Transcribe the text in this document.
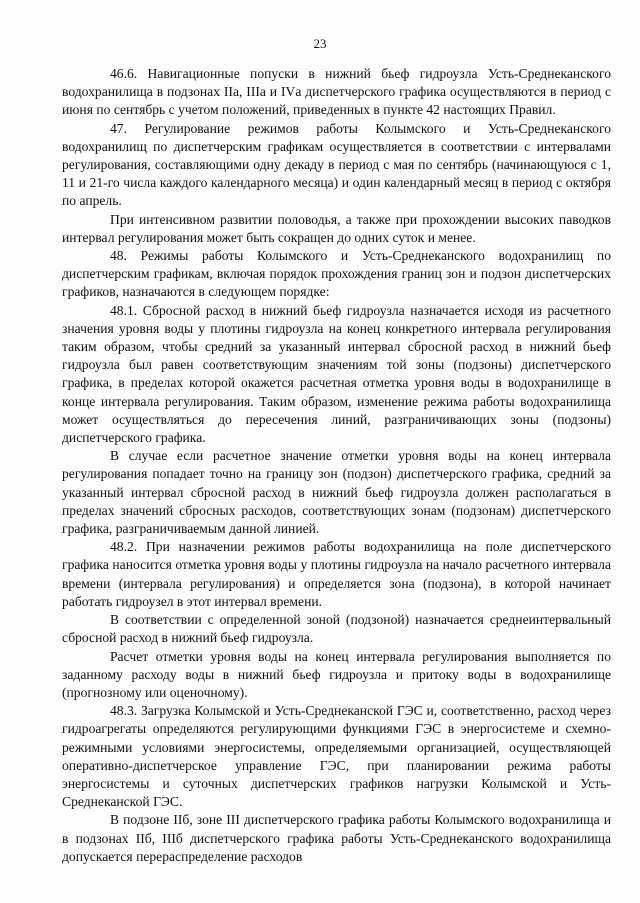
23

46.6. Навигационные попуски в нижний бьеф гидроузла Усть-Среднеканского водохранилища в подзонах IIа, IIIа и IVа диспетчерского графика осуществляются в период с июня по сентябрь с учетом положений, приведенных в пункте 42 настоящих Правил.

47. Регулирование режимов работы Колымского и Усть-Среднеканского водохранилищ по диспетчерским графикам осуществляется в соответствии с интервалами регулирования, составляющими одну декаду в период с мая по сентябрь (начинающуюся с 1, 11 и 21-го числа каждого календарного месяца) и один календарный месяц в период с октября по апрель.

При интенсивном развитии половодья, а также при прохождении высоких паводков интервал регулирования может быть сокращен до одних суток и менее.

48. Режимы работы Колымского и Усть-Среднеканского водохранилищ по диспетчерским графикам, включая порядок прохождения границ зон и подзон диспетчерских графиков, назначаются в следующем порядке:

48.1. Сбросной расход в нижний бьеф гидроузла назначается исходя из расчетного значения уровня воды у плотины гидроузла на конец конкретного интервала регулирования таким образом, чтобы средний за указанный интервал сбросной расход в нижний бьеф гидроузла был равен соответствующим значениям той зоны (подзоны) диспетчерского графика, в пределах которой окажется расчетная отметка уровня воды в водохранилище в конце интервала регулирования. Таким образом, изменение режима работы водохранилища может осуществляться до пересечения линий, разграничивающих зоны (подзоны) диспетчерского графика.

В случае если расчетное значение отметки уровня воды на конец интервала регулирования попадает точно на границу зон (подзон) диспетчерского графика, средний за указанный интервал сбросной расход в нижний бьеф гидроузла должен располагаться в пределах значений сбросных расходов, соответствующих зонам (подзонам) диспетчерского графика, разграничиваемым данной линией.

48.2. При назначении режимов работы водохранилища на поле диспетчерского графика наносится отметка уровня воды у плотины гидроузла на начало расчетного интервала времени (интервала регулирования) и определяется зона (подзона), в которой начинает работать гидроузел в этот интервал времени.

В соответствии с определенной зоной (подзоной) назначается среднеинтервальный сбросной расход в нижний бьеф гидроузла.

Расчет отметки уровня воды на конец интервала регулирования выполняется по заданному расходу воды в нижний бьеф гидроузла и притоку воды в водохранилище (прогнозному или оценочному).

48.3. Загрузка Колымской и Усть-Среднеканской ГЭС и, соответственно, расход через гидроагрегаты определяются регулирующими функциями ГЭС в энергосистеме и схемно-режимными условиями энергосистемы, определяемыми организацией, осуществляющей оперативно-диспетчерское управление ГЭС, при планировании режима работы энергосистемы и суточных диспетчерских графиков нагрузки Колымской и Усть-Среднеканской ГЭС.

В подзоне IIб, зоне III диспетчерского графика работы Колымского водохранилища и в подзонах IIб, IIIб диспетчерского графика работы Усть-Среднеканского водохранилища допускается перераспределение расходов
